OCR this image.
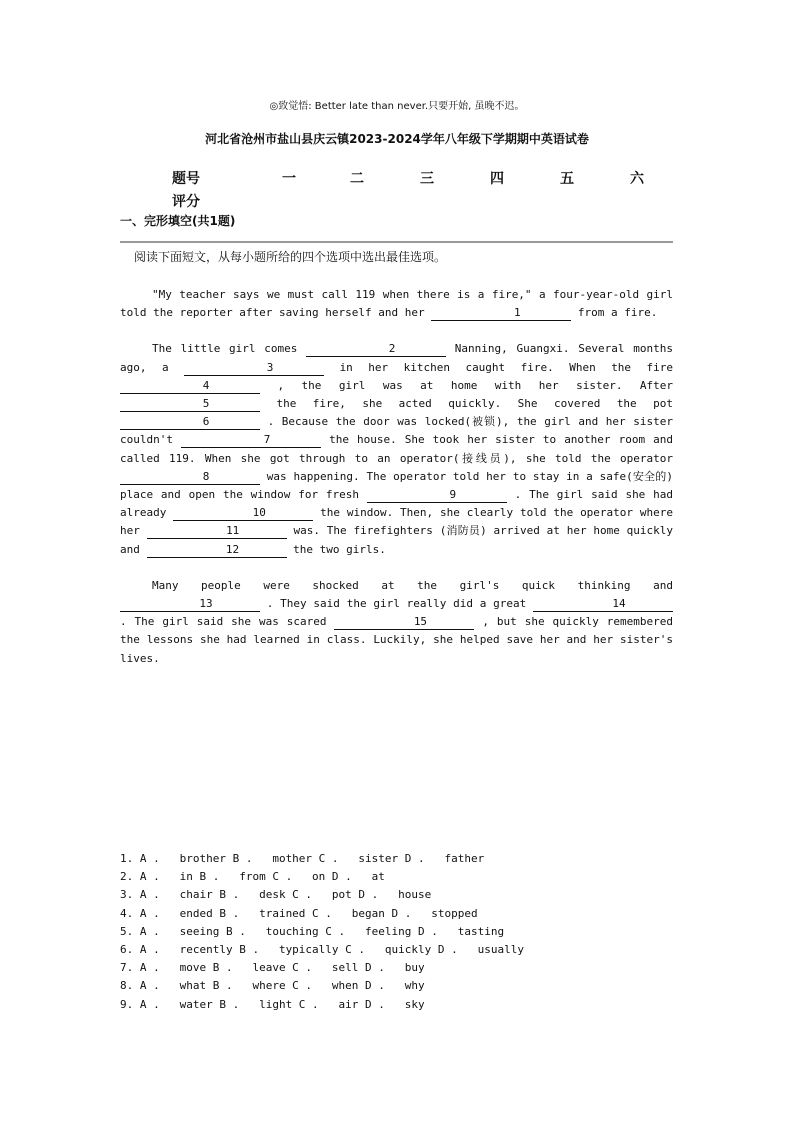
◎致觉悟: Better late than never.只要开始, 虽晚不迟。
河北省沧州市盐山县庆云镇2023-2024学年八年级下学期期中英语试卷
题号	一	二	三	四	五	六
评分
一、完形填空(共1题)
阅读下面短文，从每小题所给的四个选项中选出最佳选项。

"My teacher says we must call 119 when there is a fire," a four-year-old girl told the reporter after saving herself and her	1	from a fire.

The little girl comes	2	Nanning, Guangxi. Several months ago, a	3	in her kitchen caught fire. When the fire 4	, the girl was at home with her sister. After 5	the fire, she acted quickly. She covered the pot 6	. Because the door was locked(被锁), the girl and her sister couldn't	7	the house. She took her sister to another room and called 119. When she got through to an operator(接线员), she told the operator 8	was happening. The operator told her to stay in a safe(安全的) place and open the window for fresh	9	. The girl said she had already	10	the window. Then, she clearly told the operator where her	11	was. The firefighters (消防员) arrived at her home quickly and	12	the two girls.

Many people were shocked at the girl's quick thinking and 13	. They said the girl really did a great	14 . The girl said she was scared	15	, but she quickly remembered the lessons she had learned in class. Luckily, she helped save her and her sister's lives.

1. A .   brother B .   mother C .   sister D .   father
2. A .   in B .   from C .   on D .   at
3. A .   chair B .   desk C .   pot D .   house
4. A .   ended B .   trained C .   began D .   stopped
5. A .   seeing B .   touching C .   feeling D .   tasting
6. A .   recently B .   typically C .   quickly D .   usually
7. A .   move B .   leave C .   sell D .   buy
8. A .   what B .   where C .   when D .   why
9. A .   water B .   light C .   air D .   sky
